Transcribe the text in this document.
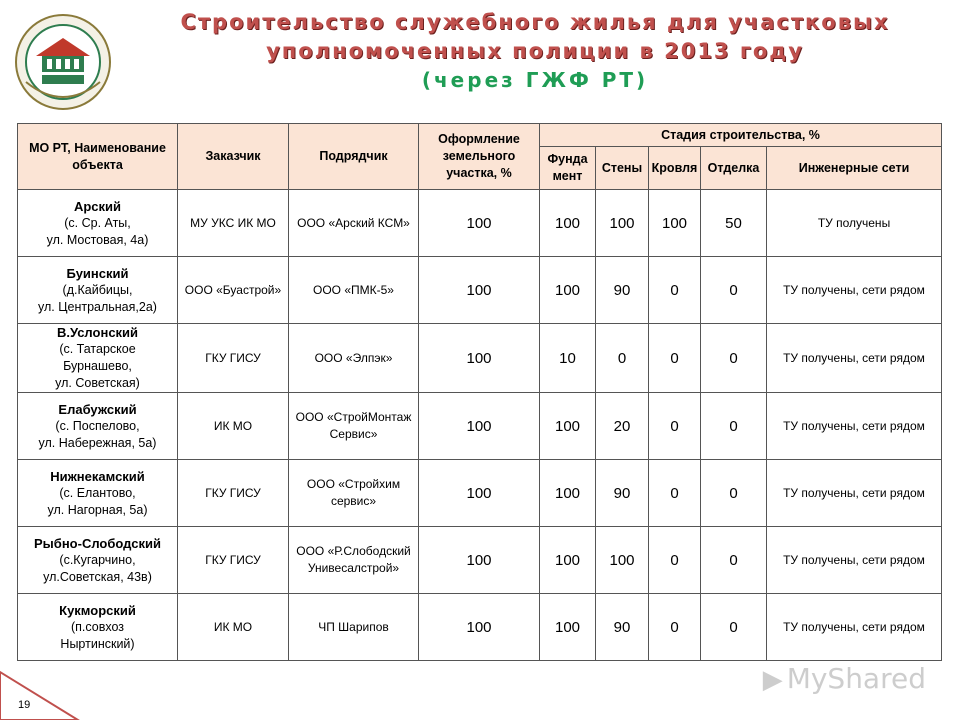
Строительство служебного жилья для участковых
уполномоченных полиции в 2013 году
(через ГЖФ РТ)
МО РТ, Наименование объекта	Заказчик	Подрядчик	Оформление земельного участка, %	Стадия строительства, %				
				Фунда мент	Стены	Кровля	Отделка	Инженерные сети

Арский
(с. Ср. Аты,
ул. Мостовая, 4а)	МУ УКС ИК МО	ООО «Арский КСМ»	100	100	100	100	50	ТУ получены

Буинский
(д.Кайбицы,
ул. Центральная,2а)	ООО «Буастрой»	ООО «ПМК-5»	100	100	90	0	0	ТУ получены, сети рядом

В.Услонский
(с. Татарское
Бурнашево,
ул. Советская)	ГКУ ГИСУ	ООО «Элпэк»	100	10	0	0	0	ТУ получены, сети рядом

Елабужский
(с. Поспелово,
ул. Набережная, 5а)	ИК МО	ООО «СтройМонтаж Сервис»	100	100	20	0	0	ТУ получены, сети рядом

Нижнекамский
(с. Елантово,
ул. Нагорная, 5а)	ГКУ ГИСУ	ООО «Стройхим сервис»	100	100	90	0	0	ТУ получены, сети рядом

Рыбно-Слободский
(с.Кугарчино,
ул.Советская, 43в)	ГКУ ГИСУ	ООО «Р.Слободский Унивесалстрой»	100	100	100	0	0	ТУ получены, сети рядом

Кукморский
(п.совхоз
Ныртинский)	ИК МО	ЧП Шарипов	100	100	90	0	0	ТУ получены, сети рядом
19
▶ MyShared
